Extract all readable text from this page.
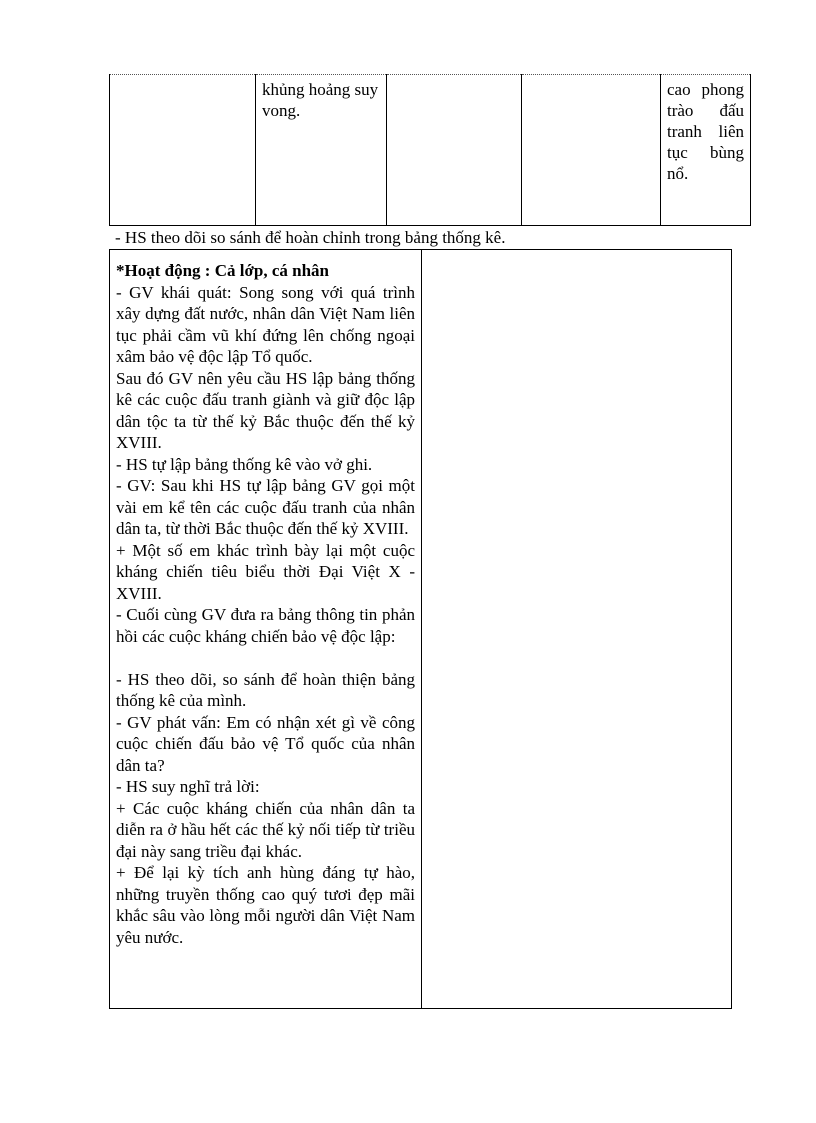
	khủng hoảng suy vong.			cao phong trào đấu tranh liên tục bùng nổ.
- HS theo dõi so sánh để hoàn chỉnh trong bảng thống kê.

*Hoạt động : Cả lớp, cá nhân

- GV khái quát: Song song với quá trình xây dựng đất nước, nhân dân Việt Nam liên tục phải cầm vũ khí đứng lên chống ngoại xâm bảo vệ độc lập Tổ quốc.

Sau đó GV nên yêu cầu HS lập bảng thống kê các cuộc đấu tranh giành và giữ độc lập dân tộc ta từ thế kỷ Bắc thuộc đến thế kỷ XVIII.

- HS tự lập bảng thống kê vào vở ghi.

- GV: Sau khi HS tự lập bảng GV gọi một vài em kể tên các cuộc đấu tranh của nhân dân ta, từ thời Bắc thuộc đến thế kỷ XVIII.

+ Một số em khác trình bày lại một cuộc kháng chiến tiêu biểu thời Đại Việt X - XVIII.

- Cuối cùng GV đưa ra bảng thông tin phản hồi các cuộc kháng chiến bảo vệ độc lập:

- HS theo dõi, so sánh để hoàn thiện bảng thống kê của mình.

- GV phát vấn: Em có nhận xét gì về công cuộc chiến đấu bảo vệ Tổ quốc của nhân dân ta?

- HS suy nghĩ trả lời:

+ Các cuộc kháng chiến của nhân dân ta diễn ra ở hầu hết các thế kỷ nối tiếp từ triều đại này sang triều đại khác.

+ Để lại kỳ tích anh hùng đáng tự hào, những truyền thống cao quý tươi đẹp mãi khắc sâu vào lòng mỗi người dân Việt Nam yêu nước.
